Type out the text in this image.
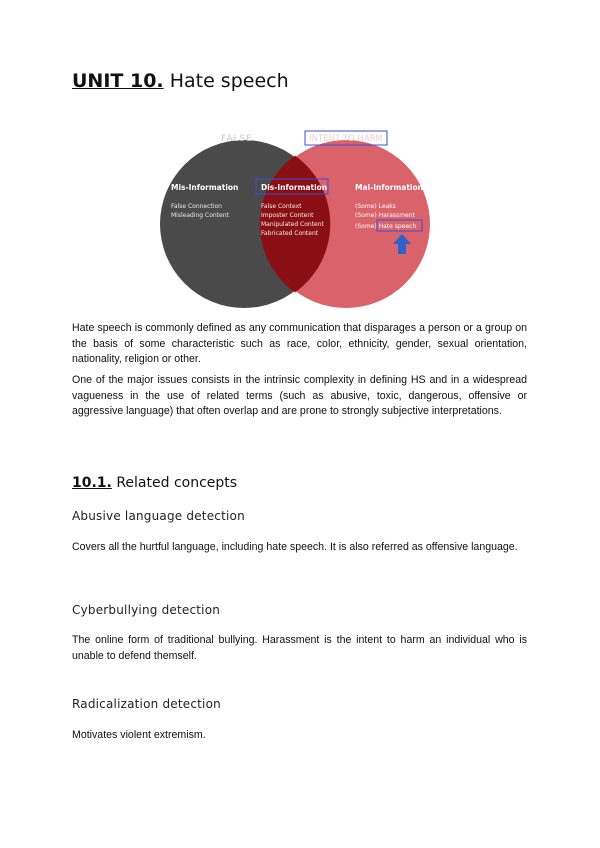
UNIT 10. Hate speech
FALSE	INTENT TO HARM
Mis-Information
False Connection
Misleading Content
Dis-Information
False Context
Imposter Content
Manipulated Content
Fabricated Content
Mal-Information
(Some) Leaks
(Some) Harassment
(Some) Hate speech

Hate speech is commonly defined as any communication that disparages a person or a group on the basis of some characteristic such as race, color, ethnicity, gender, sexual orientation, nationality, religion or other.

One of the major issues consists in the intrinsic complexity in defining HS and in a widespread vagueness in the use of related terms (such as abusive, toxic, dangerous, offensive or aggressive language) that often overlap and are prone to strongly subjective interpretations.

10.1. Related concepts
Abusive language detection

Covers all the hurtful language, including hate speech. It is also referred as offensive language.

Cyberbullying detection

The online form of traditional bullying. Harassment is the intent to harm an individual who is unable to defend themself.

Radicalization detection

Motivates violent extremism.
